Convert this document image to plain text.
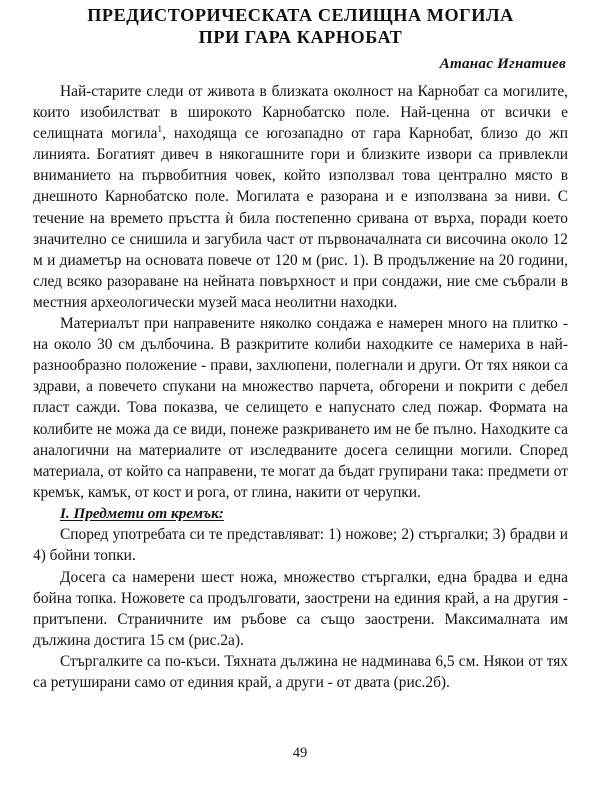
ПРЕДИСТОРИЧЕСКАТА СЕЛИЩНА МОГИЛА
ПРИ ГАРА КАРНОБАТ
Атанас Игнатиев

Най-старите следи от живота в близката околност на Карнобат са могилите, които изобилстват в широкото Карнобатско поле. Най-ценна от всички е селищната могила$^1$, находяща се югозападно от гара Карнобат, близо до жп линията. Богатият дивеч в някогашните гори и близките извори са привлекли вниманието на първобитния човек, който използвал това централно място в днешното Карнобатско поле. Могилата е разорана и е използвана за ниви. С течение на времето пръстта ѝ била постепенно сривана от върха, поради което значително се снишила и загубила част от първоначалната си височина около 12 м и диаметър на основата повече от 120 м (рис. 1). В продължение на 20 години, след всяко разораване на нейната повърхност и при сондажи, ние сме събрали в местния археологически музей маса неолитни находки.

Материалът при направените няколко сондажа е намерен много на плитко - на около 30 см дълбочина. В разкритите колиби находките се намериха в най-разнообразно положение - прави, захлюпени, полегнали и други. От тях някои са здрави, а повечето спукани на множество парчета, обгорени и покрити с дебел пласт сажди. Това показва, че селището е напуснато след пожар. Формата на колибите не можа да се види, понеже разкриването им не бе пълно. Находките са аналогични на материалите от изследваните досега селищни могили. Според материала, от който са направени, те могат да бъдат групирани така: предмети от кремък, камък, от кост и рога, от глина, накити от черупки.

I. Предмети от кремък:

Според употребата си те представляват: 1) ножове; 2) стъргалки; 3) брадви и 4) бойни топки.

Досега са намерени шест ножа, множество стъргалки, една брадва и една бойна топка. Ножовете са продълговати, заострени на единия край, а на другия - притъпени. Страничните им ръбове са също заострени. Максималната им дължина достига 15 см (рис.2а).

Стъргалките са по-къси. Тяхната дължина не надминава 6,5 см. Някои от тях са ретуширани само от единия край, а други - от двата (рис.2б).

49
